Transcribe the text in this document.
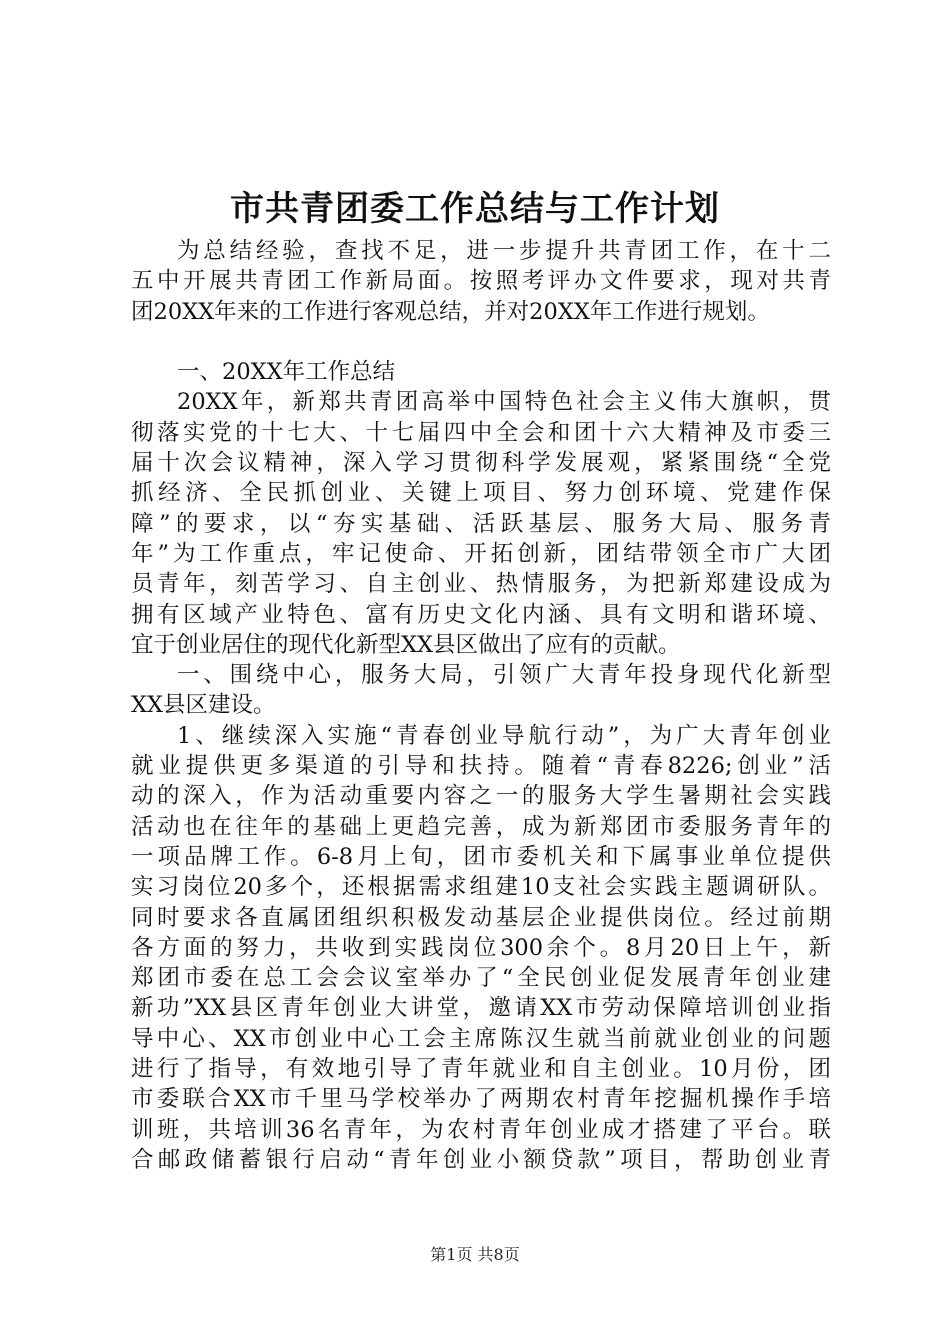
市共青团委工作总结与工作计划
为总结经验，查找不足，进一步提升共青团工作，在十二
五中开展共青团工作新局面。按照考评办文件要求，现对共青
团20XX年来的工作进行客观总结，并对20XX年工作进行规划。
一、20XX年工作总结
20XX年，新郑共青团高举中国特色社会主义伟大旗帜，贯
彻落实党的十七大、十七届四中全会和团十六大精神及市委三
届十次会议精神，深入学习贯彻科学发展观，紧紧围绕“全党
抓经济、全民抓创业、关键上项目、努力创环境、党建作保
障”的要求，以“夯实基础、活跃基层、服务大局、服务青
年”为工作重点，牢记使命、开拓创新，团结带领全市广大团
员青年，刻苦学习、自主创业、热情服务，为把新郑建设成为
拥有区域产业特色、富有历史文化内涵、具有文明和谐环境、
宜于创业居住的现代化新型XX县区做出了应有的贡献。
一、围绕中心，服务大局，引领广大青年投身现代化新型
XX县区建设。
1、继续深入实施“青春创业导航行动”，为广大青年创业
就业提供更多渠道的引导和扶持。随着“青春8226;创业”活
动的深入，作为活动重要内容之一的服务大学生暑期社会实践
活动也在往年的基础上更趋完善，成为新郑团市委服务青年的
一项品牌工作。6-8月上旬，团市委机关和下属事业单位提供
实习岗位20多个，还根据需求组建10支社会实践主题调研队。
同时要求各直属团组织积极发动基层企业提供岗位。经过前期
各方面的努力，共收到实践岗位300余个。8月20日上午，新
郑团市委在总工会会议室举办了“全民创业促发展青年创业建
新功”XX县区青年创业大讲堂，邀请XX市劳动保障培训创业指
导中心、XX市创业中心工会主席陈汉生就当前就业创业的问题
进行了指导，有效地引导了青年就业和自主创业。10月份，团
市委联合XX市千里马学校举办了两期农村青年挖掘机操作手培
训班，共培训36名青年，为农村青年创业成才搭建了平台。联
合邮政储蓄银行启动“青年创业小额贷款”项目，帮助创业青
第1页 共8页
